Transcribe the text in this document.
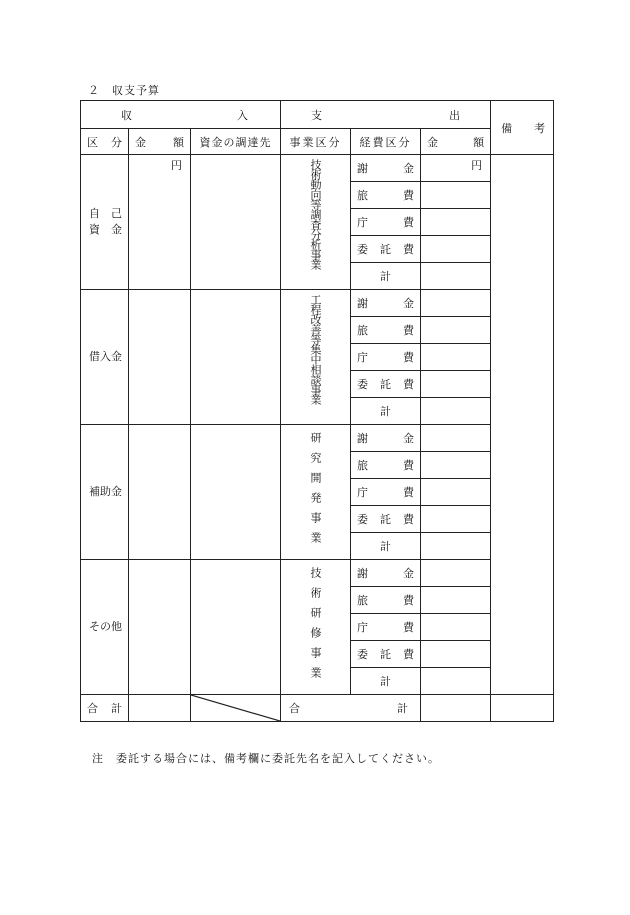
２　収支予算
収 入			支 出			備 考

区 分	金 額	資金の調達先	事業区分	経費区分	金 額	

自　己
資　金	円		技術動向等調査分析事業	謝 金	円	

				旅 費		

				庁 費		

				委 託 費		

				計		

借入金			工程改善等集中相談事業	謝 金		

				旅 費		

				庁 費		

				委 託 費		

				計		

補助金			研究開発事業	謝 金		

				旅 費		

				庁 費		

				委 託 費		

				計		

その他			技術研修事業	謝 金		

				旅 費		

				庁 費		

				委 託 費		

				計		

合 計			合 計			

注　委託する場合には、備考欄に委託先名を記入してください。
